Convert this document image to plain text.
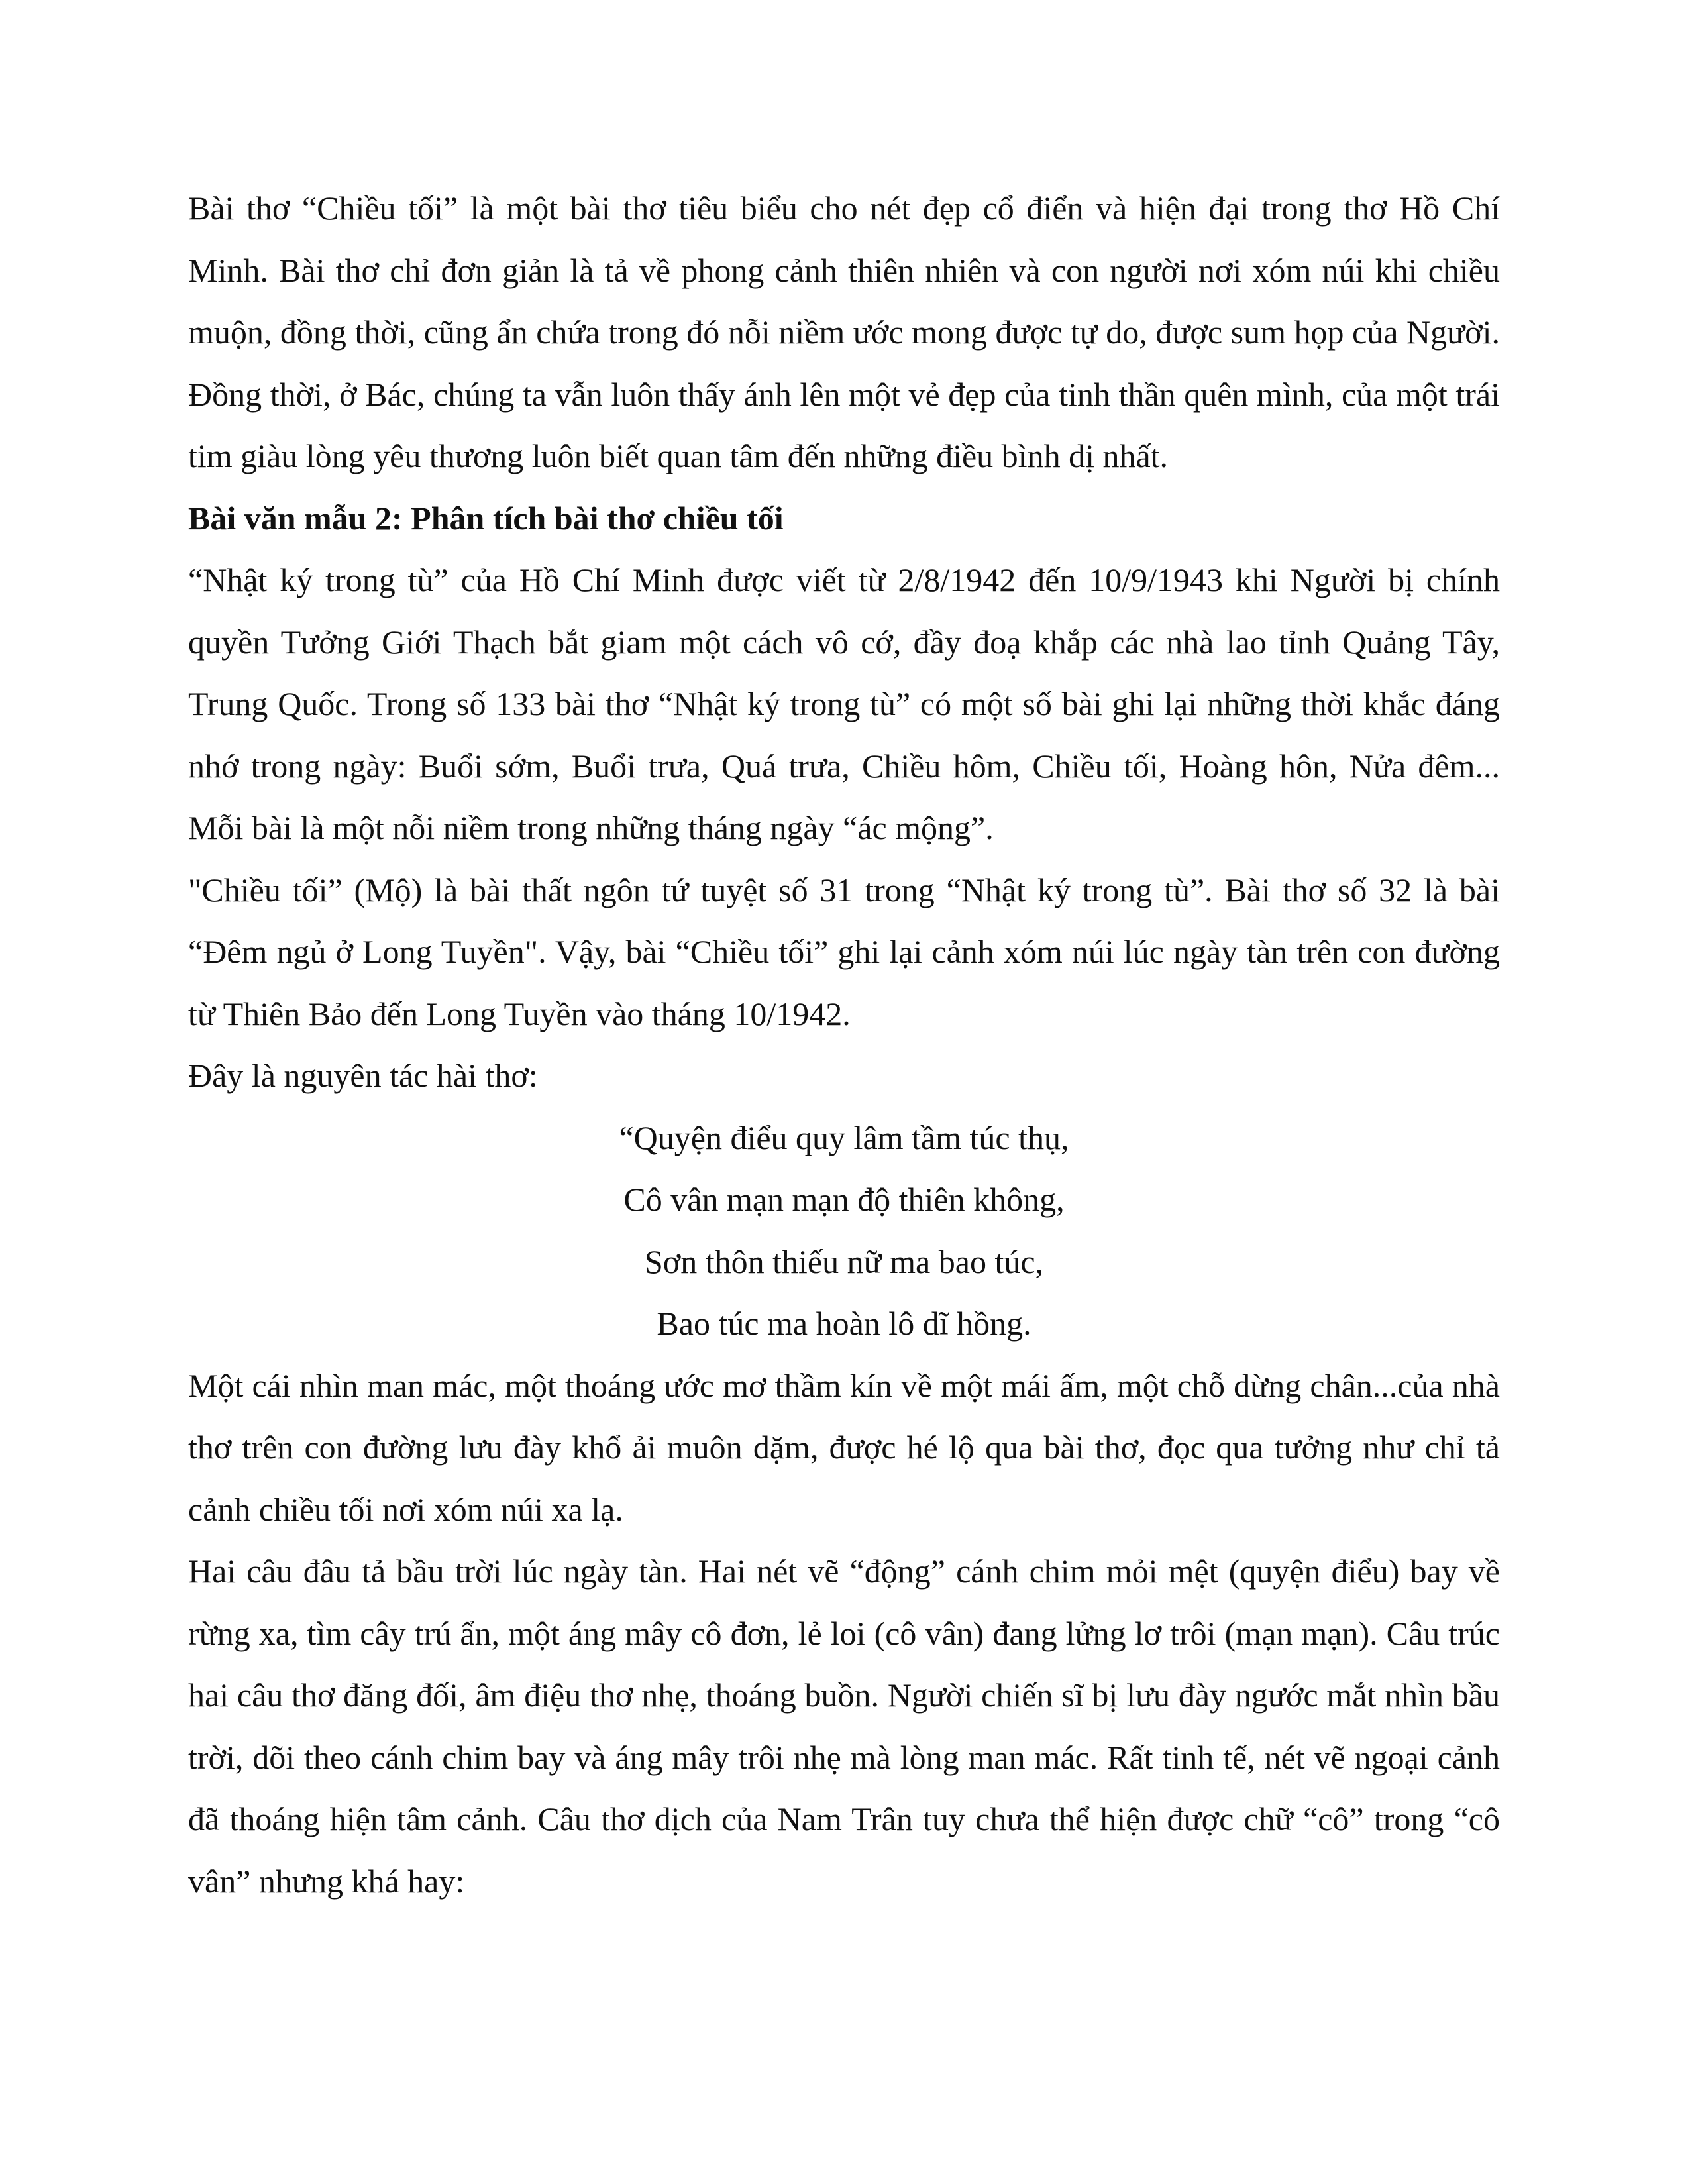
Bài thơ “Chiều tối” là một bài thơ tiêu biểu cho nét đẹp cổ điển và hiện đại trong thơ Hồ Chí Minh. Bài thơ chỉ đơn giản là tả về phong cảnh thiên nhiên và con người nơi xóm núi khi chiều muộn, đồng thời, cũng ẩn chứa trong đó nỗi niềm ước mong được tự do, được sum họp của Người. Đồng thời, ở Bác, chúng ta vẫn luôn thấy ánh lên một vẻ đẹp của tinh thần quên mình, của một trái tim giàu lòng yêu thương luôn biết quan tâm đến những điều bình dị nhất.

Bài văn mẫu 2: Phân tích bài thơ chiều tối

“Nhật ký trong tù” của Hồ Chí Minh được viết từ 2/8/1942 đến 10/9/1943 khi Người bị chính quyền Tưởng Giới Thạch bắt giam một cách vô cớ, đầy đoạ khắp các nhà lao tỉnh Quảng Tây, Trung Quốc. Trong số 133 bài thơ “Nhật ký trong tù” có một số bài ghi lại những thời khắc đáng nhớ trong ngày: Buổi sớm, Buổi trưa, Quá trưa, Chiều hôm, Chiều tối, Hoàng hôn, Nửa đêm... Mỗi bài là một nỗi niềm trong những tháng ngày “ác mộng”.

"Chiều tối” (Mộ) là bài thất ngôn tứ tuyệt số 31 trong “Nhật ký trong tù”. Bài thơ số 32 là bài “Đêm ngủ ở Long Tuyền". Vậy, bài “Chiều tối” ghi lại cảnh xóm núi lúc ngày tàn trên con đường từ Thiên Bảo đến Long Tuyền vào tháng 10/1942.

Đây là nguyên tác hài thơ:

“Quyện điểu quy lâm tầm túc thụ,
Cô vân mạn mạn độ thiên không,
Sơn thôn thiếu nữ ma bao túc,
Bao túc ma hoàn lô dĩ hồng.

Một cái nhìn man mác, một thoáng ước mơ thầm kín về một mái ấm, một chỗ dừng chân...của nhà thơ trên con đường lưu đày khổ ải muôn dặm, được hé lộ qua bài thơ, đọc qua tưởng như chỉ tả cảnh chiều tối nơi xóm núi xa lạ.

Hai câu đâu tả bầu trời lúc ngày tàn. Hai nét vẽ “động” cánh chim mỏi mệt (quyện điểu) bay về rừng xa, tìm cây trú ẩn, một áng mây cô đơn, lẻ loi (cô vân) đang lửng lơ trôi (mạn mạn). Câu trúc hai câu thơ đăng đối, âm điệu thơ nhẹ, thoáng buồn. Người chiến sĩ bị lưu đày ngước mắt nhìn bầu trời, dõi theo cánh chim bay và áng mây trôi nhẹ mà lòng man mác. Rất tinh tế, nét vẽ ngoại cảnh đã thoáng hiện tâm cảnh. Câu thơ dịch của Nam Trân tuy chưa thể hiện được chữ “cô” trong “cô vân” nhưng khá hay:
